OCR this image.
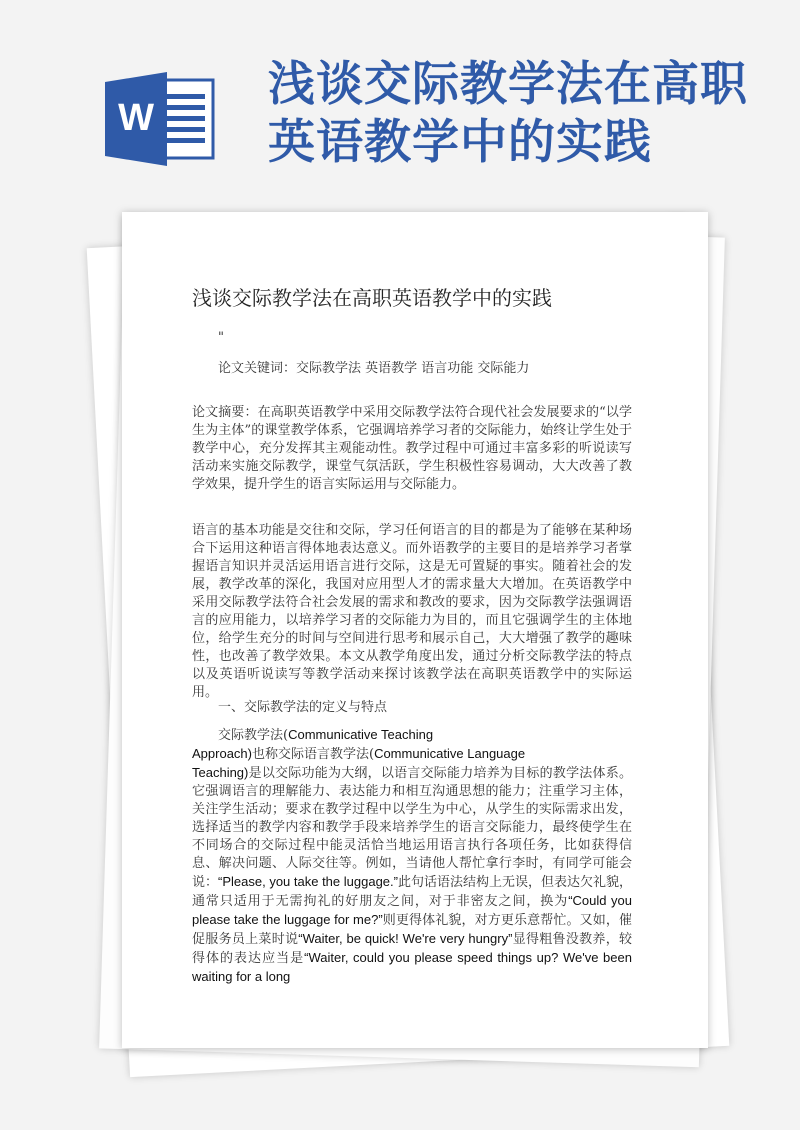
W
浅谈交际教学法在高职英语教学中的实践
浅谈交际教学法在高职英语教学中的实践
"
论文关键词：交际教学法 英语教学 语言功能 交际能力
论文摘要：在高职英语教学中采用交际教学法符合现代社会发展要求的“以学生为主体”的课堂教学体系，它强调培养学习者的交际能力，始终让学生处于教学中心，充分发挥其主观能动性。教学过程中可通过丰富多彩的听说读写活动来实施交际教学，课堂气氛活跃，学生积极性容易调动，大大改善了教学效果，提升学生的语言实际运用与交际能力。
语言的基本功能是交往和交际，学习任何语言的目的都是为了能够在某种场合下运用这种语言得体地表达意义。而外语教学的主要目的是培养学习者掌握语言知识并灵活运用语言进行交际，这是无可置疑的事实。随着社会的发展，教学改革的深化，我国对应用型人才的需求量大大增加。在英语教学中采用交际教学法符合社会发展的需求和教改的要求，因为交际教学法强调语言的应用能力，以培养学习者的交际能力为目的，而且它强调学生的主体地位，给学生充分的时间与空间进行思考和展示自己，大大增强了教学的趣味性，也改善了教学效果。本文从教学角度出发，通过分析交际教学法的特点以及英语听说读写等教学活动来探讨该教学法在高职英语教学中的实际运用。
一、交际教学法的定义与特点

交际教学法(Communicative Teaching

Approach)也称交际语言教学法(Communicative Language

Teaching)是以交际功能为大纲，以语言交际能力培养为目标的教学法体系。它强调语言的理解能力、表达能力和相互沟通思想的能力；注重学习主体，关注学生活动；要求在教学过程中以学生为中心，从学生的实际需求出发，选择适当的教学内容和教学手段来培养学生的语言交际能力，最终使学生在不同场合的交际过程中能灵活恰当地运用语言执行各项任务，比如获得信息、解决问题、人际交往等。例如，当请他人帮忙拿行李时，有同学可能会说：“Please, you take the luggage.”此句话语法结构上无误，但表达欠礼貌，通常只适用于无需拘礼的好朋友之间，对于非密友之间，换为“Could you please take the luggage for me?”则更得体礼貌，对方更乐意帮忙。又如，催促服务员上菜时说“Waiter, be quick! We're very hungry”显得粗鲁没教养，较得体的表达应当是“Waiter, could you please speed things up? We've been waiting for a long
